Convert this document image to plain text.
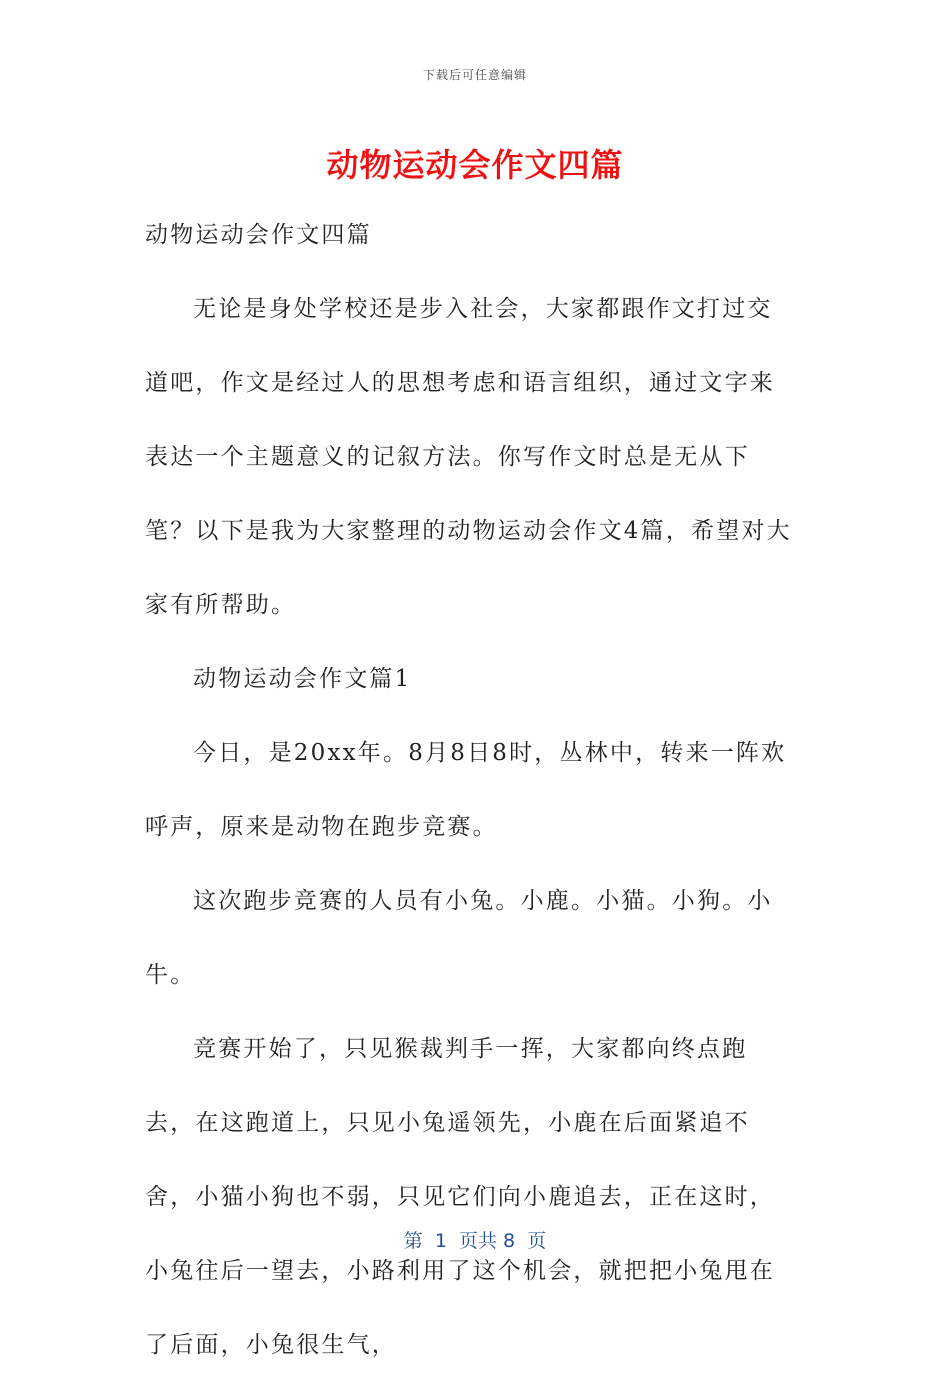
下载后可任意编辑
动物运动会作文四篇

动物运动会作文四篇

无论是身处学校还是步入社会，大家都跟作文打过交道吧，作文是经过人的思想考虑和语言组织，通过文字来表达一个主题意义的记叙方法。你写作文时总是无从下笔？以下是我为大家整理的动物运动会作文4篇，希望对大家有所帮助。

动物运动会作文篇1

今日，是20xx年。8月8日8时，丛林中，转来一阵欢呼声，原来是动物在跑步竞赛。

这次跑步竞赛的人员有小兔。小鹿。小猫。小狗。小牛。

竞赛开始了，只见猴裁判手一挥，大家都向终点跑去，在这跑道上，只见小兔遥领先，小鹿在后面紧追不舍，小猫小狗也不弱，只见它们向小鹿追去，正在这时，小兔往后一望去，小路利用了这个机会，就把把小兔甩在了后面，小兔很生气，

第  1  页共 8  页
